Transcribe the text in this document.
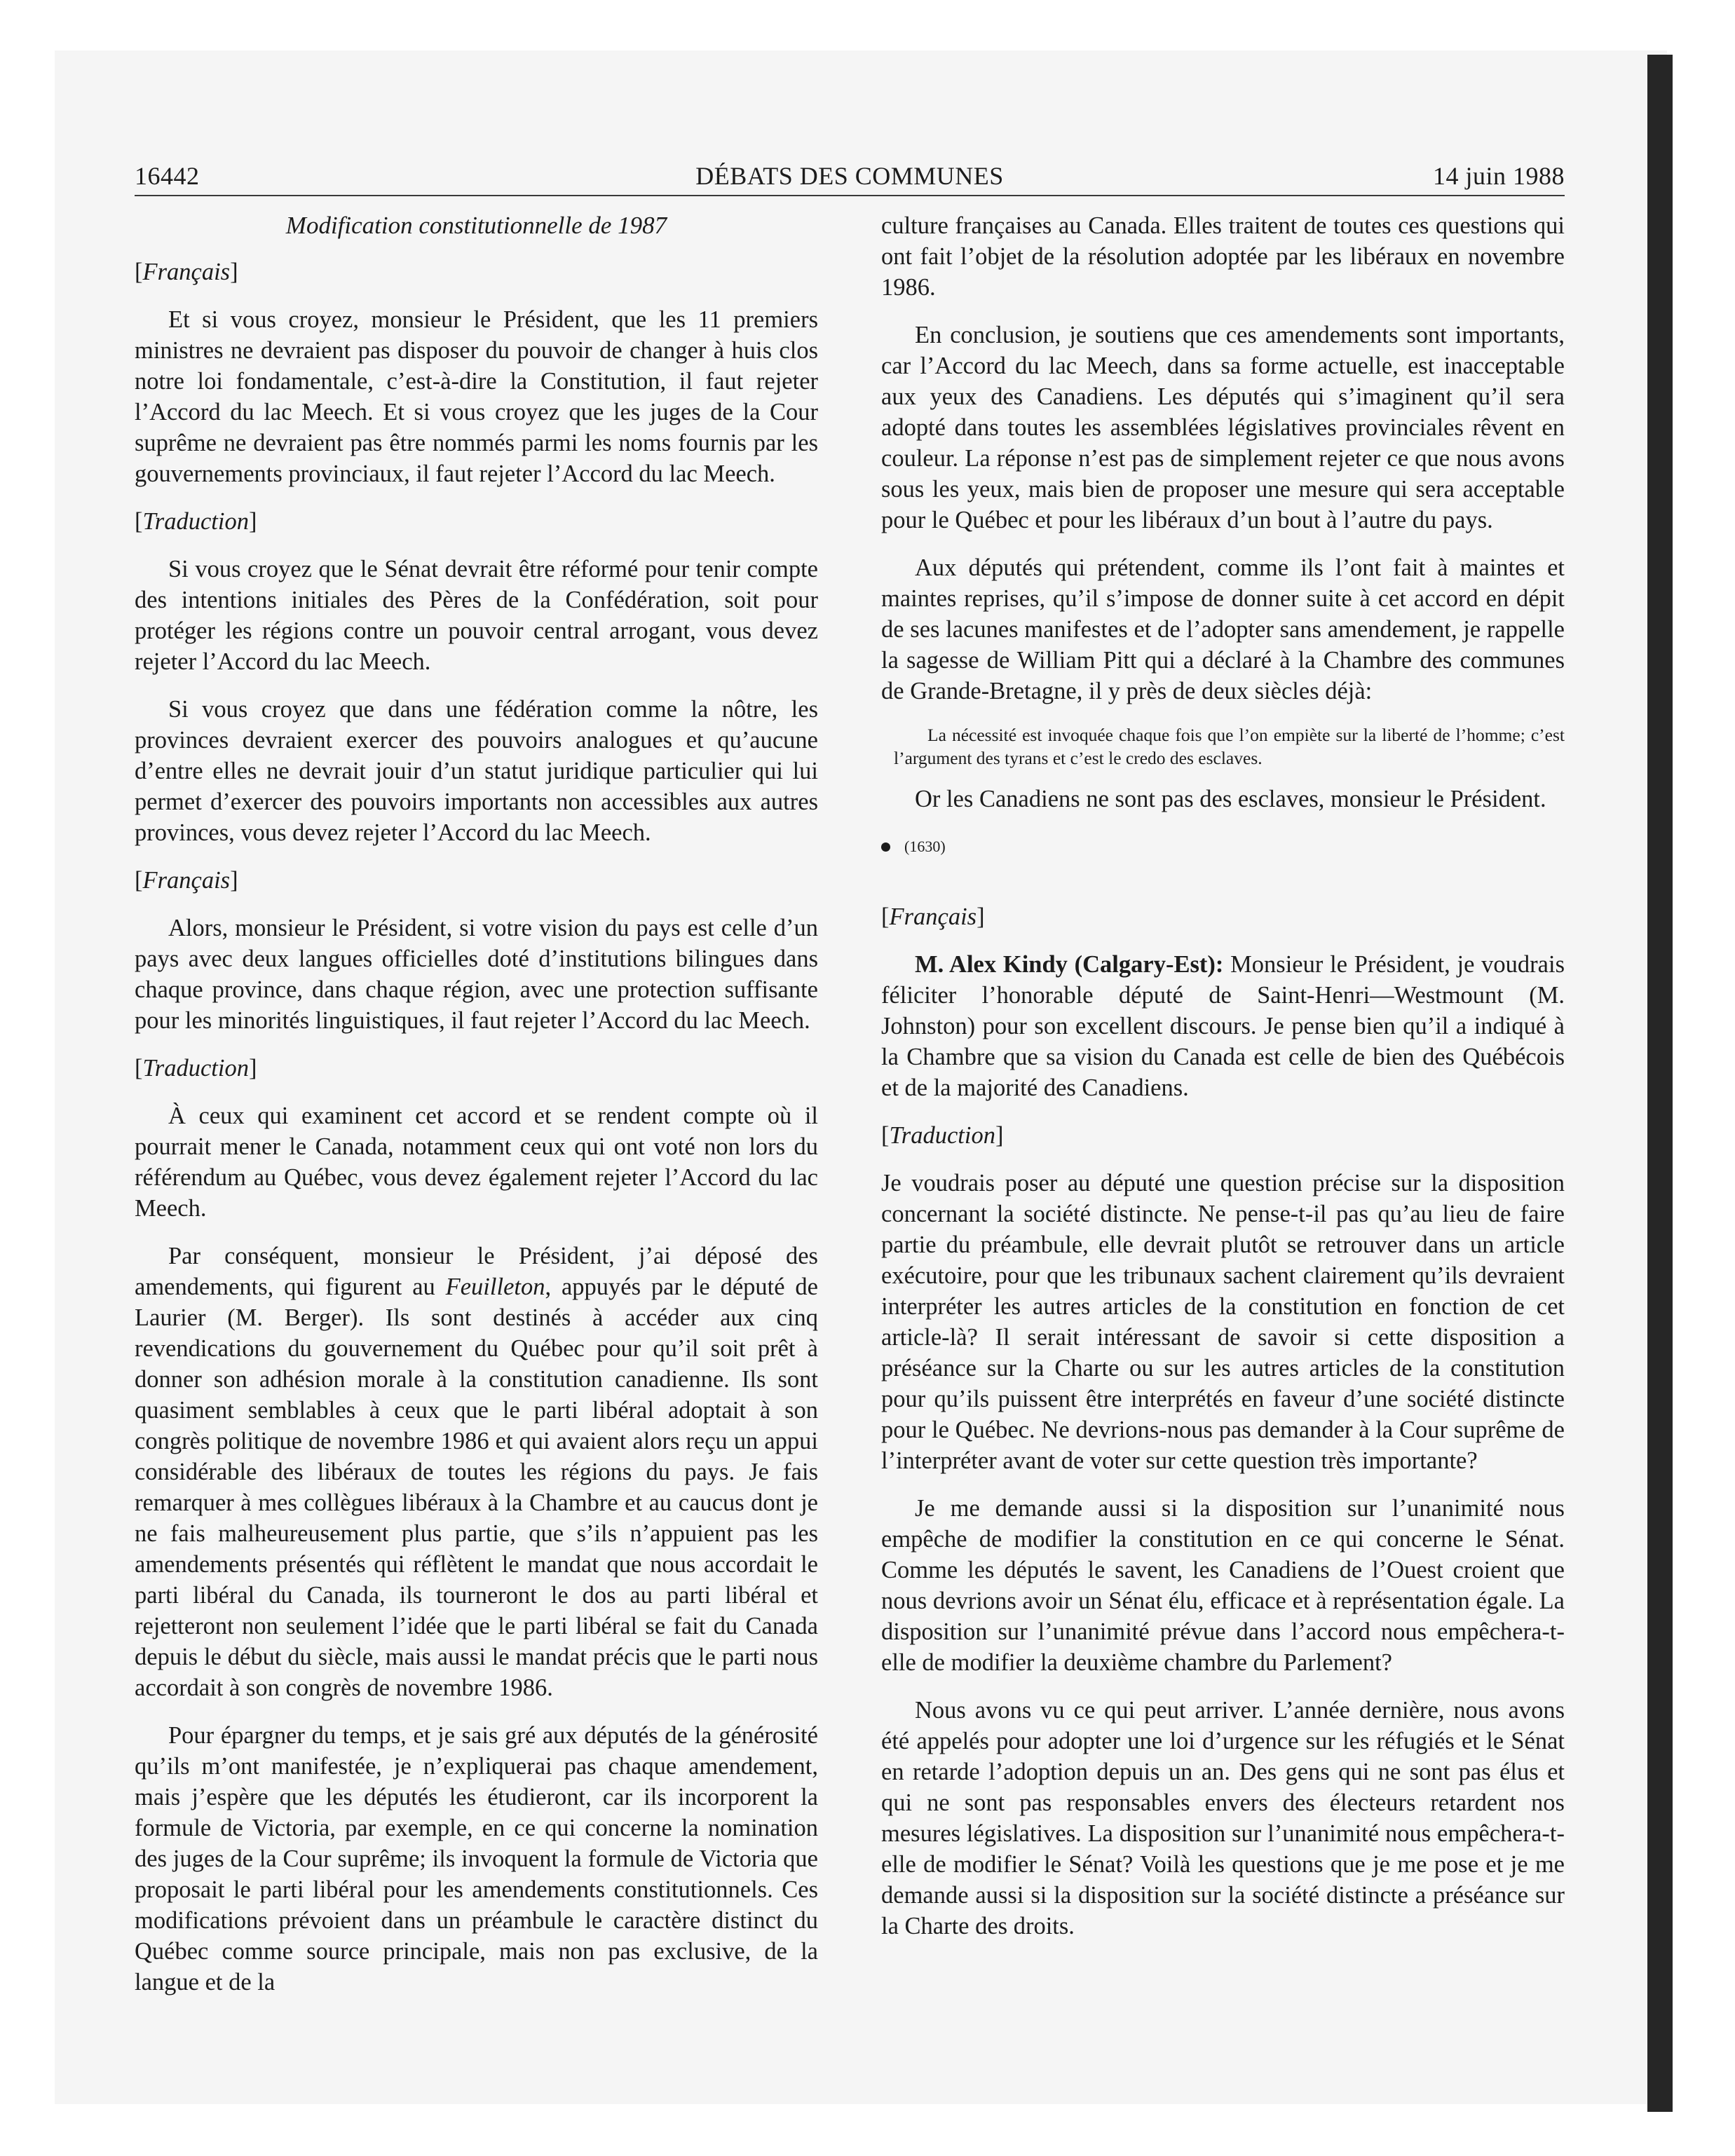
16442	DÉBATS DES COMMUNES	14 juin 1988
Modification constitutionnelle de 1987

[Français]

Et si vous croyez, monsieur le Président, que les 11 premiers ministres ne devraient pas disposer du pouvoir de changer à huis clos notre loi fondamentale, c’est-à-dire la Constitution, il faut rejeter l’Accord du lac Meech. Et si vous croyez que les juges de la Cour suprême ne devraient pas être nommés parmi les noms fournis par les gouvernements provinciaux, il faut rejeter l’Accord du lac Meech.

[Traduction]

Si vous croyez que le Sénat devrait être réformé pour tenir compte des intentions initiales des Pères de la Confédération, soit pour protéger les régions contre un pouvoir central arrogant, vous devez rejeter l’Accord du lac Meech.

Si vous croyez que dans une fédération comme la nôtre, les provinces devraient exercer des pouvoirs analogues et qu’aucune d’entre elles ne devrait jouir d’un statut juridique particulier qui lui permet d’exercer des pouvoirs importants non accessibles aux autres provinces, vous devez rejeter l’Accord du lac Meech.

[Français]

Alors, monsieur le Président, si votre vision du pays est celle d’un pays avec deux langues officielles doté d’institutions bilingues dans chaque province, dans chaque région, avec une protection suffisante pour les minorités linguistiques, il faut rejeter l’Accord du lac Meech.

[Traduction]

À ceux qui examinent cet accord et se rendent compte où il pourrait mener le Canada, notamment ceux qui ont voté non lors du référendum au Québec, vous devez également rejeter l’Accord du lac Meech.

Par conséquent, monsieur le Président, j’ai déposé des amendements, qui figurent au Feuilleton, appuyés par le député de Laurier (M. Berger). Ils sont destinés à accéder aux cinq revendications du gouvernement du Québec pour qu’il soit prêt à donner son adhésion morale à la constitution canadienne. Ils sont quasiment semblables à ceux que le parti libéral adoptait à son congrès politique de novembre 1986 et qui avaient alors reçu un appui considérable des libéraux de toutes les régions du pays. Je fais remarquer à mes collègues libéraux à la Chambre et au caucus dont je ne fais malheureusement plus partie, que s’ils n’appuient pas les amendements présentés qui réflètent le mandat que nous accordait le parti libéral du Canada, ils tourneront le dos au parti libéral et rejetteront non seulement l’idée que le parti libéral se fait du Canada depuis le début du siècle, mais aussi le mandat précis que le parti nous accordait à son congrès de novembre 1986.

Pour épargner du temps, et je sais gré aux députés de la générosité qu’ils m’ont manifestée, je n’expliquerai pas chaque amendement, mais j’espère que les députés les étudieront, car ils incorporent la formule de Victoria, par exemple, en ce qui concerne la nomination des juges de la Cour suprême; ils invoquent la formule de Victoria que proposait le parti libéral pour les amendements constitutionnels. Ces modifications prévoient dans un préambule le caractère distinct du Québec comme source principale, mais non pas exclusive, de la langue et de la

culture françaises au Canada. Elles traitent de toutes ces questions qui ont fait l’objet de la résolution adoptée par les libéraux en novembre 1986.

En conclusion, je soutiens que ces amendements sont importants, car l’Accord du lac Meech, dans sa forme actuelle, est inacceptable aux yeux des Canadiens. Les députés qui s’imaginent qu’il sera adopté dans toutes les assemblées législatives provinciales rêvent en couleur. La réponse n’est pas de simplement rejeter ce que nous avons sous les yeux, mais bien de proposer une mesure qui sera acceptable pour le Québec et pour les libéraux d’un bout à l’autre du pays.

Aux députés qui prétendent, comme ils l’ont fait à maintes et maintes reprises, qu’il s’impose de donner suite à cet accord en dépit de ses lacunes manifestes et de l’adopter sans amendement, je rappelle la sagesse de William Pitt qui a déclaré à la Chambre des communes de Grande-Bretagne, il y près de deux siècles déjà:

La nécessité est invoquée chaque fois que l’on empiète sur la liberté de l’homme; c’est l’argument des tyrans et c’est le credo des esclaves.

Or les Canadiens ne sont pas des esclaves, monsieur le Président.

(1630)

[Français]

M. Alex Kindy (Calgary-Est): Monsieur le Président, je voudrais féliciter l’honorable député de Saint-Henri—Westmount (M. Johnston) pour son excellent discours. Je pense bien qu’il a indiqué à la Chambre que sa vision du Canada est celle de bien des Québécois et de la majorité des Canadiens.

[Traduction]

Je voudrais poser au député une question précise sur la disposition concernant la société distincte. Ne pense-t-il pas qu’au lieu de faire partie du préambule, elle devrait plutôt se retrouver dans un article exécutoire, pour que les tribunaux sachent clairement qu’ils devraient interpréter les autres articles de la constitution en fonction de cet article-là? Il serait intéressant de savoir si cette disposition a préséance sur la Charte ou sur les autres articles de la constitution pour qu’ils puissent être interprétés en faveur d’une société distincte pour le Québec. Ne devrions-nous pas demander à la Cour suprême de l’interpréter avant de voter sur cette question très importante?

Je me demande aussi si la disposition sur l’unanimité nous empêche de modifier la constitution en ce qui concerne le Sénat. Comme les députés le savent, les Canadiens de l’Ouest croient que nous devrions avoir un Sénat élu, efficace et à représentation égale. La disposition sur l’unanimité prévue dans l’accord nous empêchera-t-elle de modifier la deuxième chambre du Parlement?

Nous avons vu ce qui peut arriver. L’année dernière, nous avons été appelés pour adopter une loi d’urgence sur les réfugiés et le Sénat en retarde l’adoption depuis un an. Des gens qui ne sont pas élus et qui ne sont pas responsables envers des électeurs retardent nos mesures législatives. La disposition sur l’unanimité nous empêchera-t-elle de modifier le Sénat? Voilà les questions que je me pose et je me demande aussi si la disposition sur la société distincte a préséance sur la Charte des droits.
